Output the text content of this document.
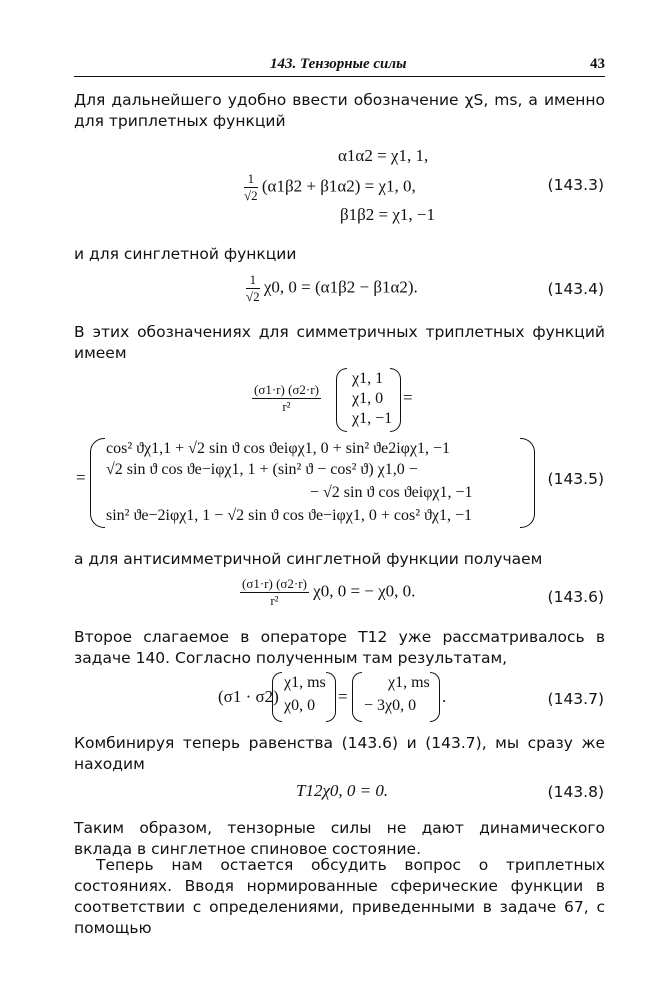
143. Тензорные силы	43
Для дальнейшего удобно ввести обозначение χS, ms, а именно для триплетных функций
α1α2 = χ1, 1,
$\frac{1}{√2} (\alpha 1\beta 2 + \beta 1\alpha 2) = \chi 1$, 0,
β1β2 = χ1, −1
(143.3)
и для синглетной функции
$\frac{1}{√2} \chi 0$, 0 = (α1β2 − β1α2).	(143.4)
В этих обозначениях для симметричных триплетных функций имеем
$\frac{(\sigma 1\cdot r) (\sigma 2\cdot r)}{\text{r²}}$
χ1, 1
χ1, 0
χ1, −1
=
=
cos² ϑχ1,1 + √2 sin ϑ cos ϑeiφχ1, 0 + sin² ϑe2iφχ1, −1
√2 sin ϑ cos ϑe−iφχ1, 1 + (sin² ϑ − cos² ϑ) χ1,0 −
− √2 sin ϑ cos ϑeiφχ1, −1
sin² ϑe−2iφχ1, 1 − √2 sin ϑ cos ϑe−iφχ1, 0 + cos² ϑχ1, −1
(143.5)
а для антисимметричной синглетной функции получаем
$\frac{(\sigma 1\cdot r) (\sigma 2\cdot r)}{\text{r²}} \chi 0$, 0 = − χ0, 0.	(143.6)
Второе слагаемое в операторе T12 уже рассматривалось в задаче 140. Согласно полученным там результатам,
(σ1 · σ2)
χ1, ms
χ0, 0 =
χ1, ms
− 3χ0, 0 .	(143.7)
Комбинируя теперь равенства (143.6) и (143.7), мы сразу же находим
T12χ0, 0 = 0.	(143.8)
Таким образом, тензорные силы не дают динамического вклада в синглетное спиновое состояние.
Теперь нам остается обсудить вопрос о триплетных состояниях. Вводя нормированные сферические функции в соответствии с определениями, приведенными в задаче 67, с помощью
